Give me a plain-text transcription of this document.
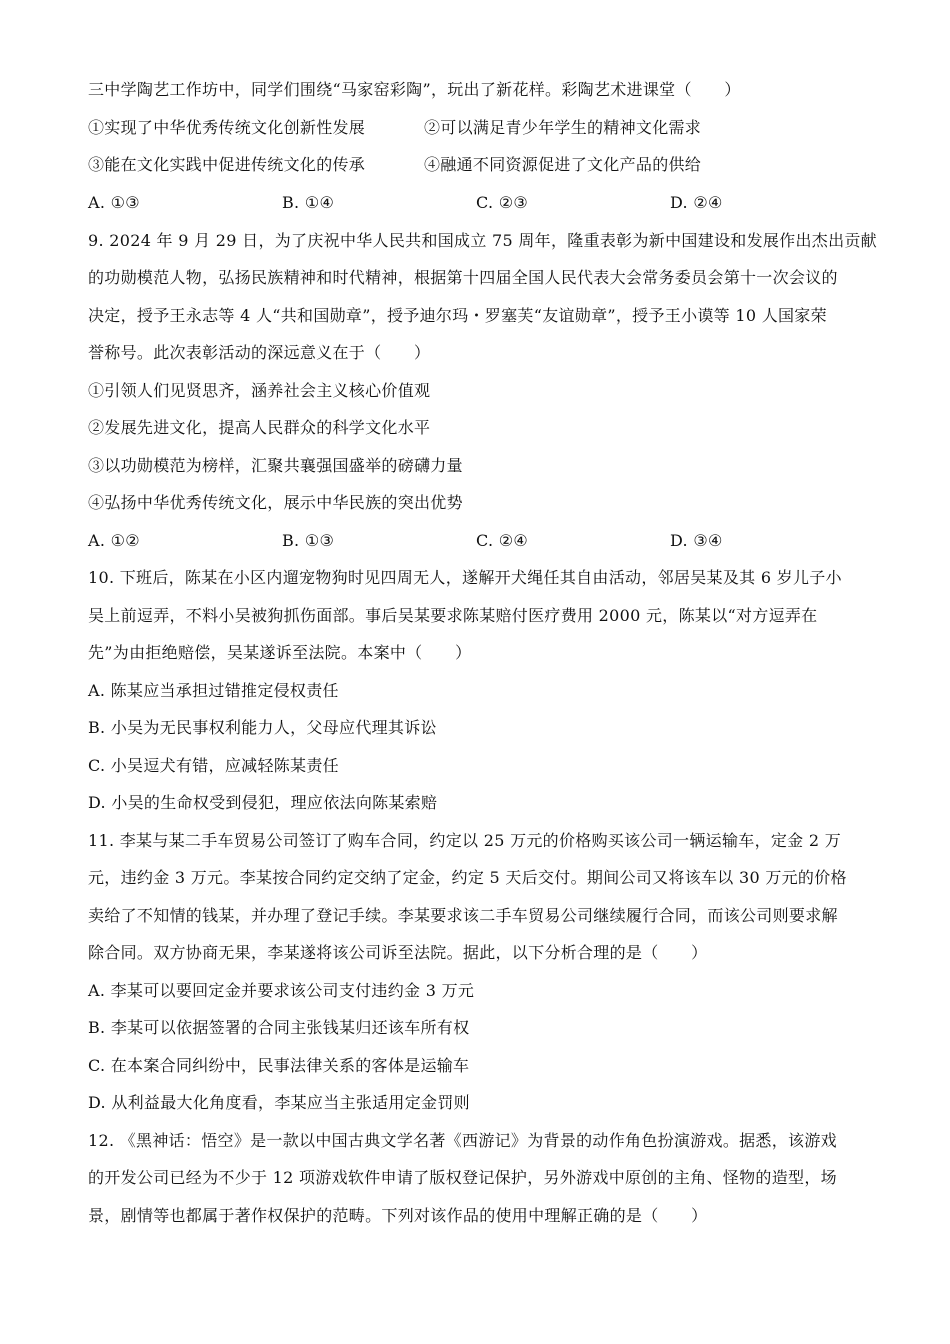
三中学陶艺工作坊中，同学们围绕“马家窑彩陶”，玩出了新花样。彩陶艺术进课堂（　　）
①实现了中华优秀传统文化创新性发展	②可以满足青少年学生的精神文化需求
③能在文化实践中促进传统文化的传承	④融通不同资源促进了文化产品的供给
A. ①③	B. ①④	C. ②③	D. ②④
9. 2024 年 9 月 29 日，为了庆祝中华人民共和国成立 75 周年，隆重表彰为新中国建设和发展作出杰出贡献
的功勋模范人物，弘扬民族精神和时代精神，根据第十四届全国人民代表大会常务委员会第十一次会议的
决定，授予王永志等 4 人“共和国勋章”，授予迪尔玛・罗塞芙“友谊勋章”，授予王小谟等 10 人国家荣
誉称号。此次表彰活动的深远意义在于（　　）
①引领人们见贤思齐，涵养社会主义核心价值观
②发展先进文化，提高人民群众的科学文化水平
③以功勋模范为榜样，汇聚共襄强国盛举的磅礴力量
④弘扬中华优秀传统文化，展示中华民族的突出优势
A. ①②	B. ①③	C. ②④	D. ③④
10. 下班后，陈某在小区内遛宠物狗时见四周无人，遂解开犬绳任其自由活动，邻居吴某及其 6 岁儿子小
吴上前逗弄，不料小吴被狗抓伤面部。事后吴某要求陈某赔付医疗费用 2000 元，陈某以“对方逗弄在
先”为由拒绝赔偿，吴某遂诉至法院。本案中（　　）
A. 陈某应当承担过错推定侵权责任
B. 小吴为无民事权利能力人，父母应代理其诉讼
C. 小吴逗犬有错，应减轻陈某责任
D. 小吴的生命权受到侵犯，理应依法向陈某索赔
11. 李某与某二手车贸易公司签订了购车合同，约定以 25 万元的价格购买该公司一辆运输车，定金 2 万
元，违约金 3 万元。李某按合同约定交纳了定金，约定 5 天后交付。期间公司又将该车以 30 万元的价格
卖给了不知情的钱某，并办理了登记手续。李某要求该二手车贸易公司继续履行合同，而该公司则要求解
除合同。双方协商无果，李某遂将该公司诉至法院。据此，以下分析合理的是（　　）
A. 李某可以要回定金并要求该公司支付违约金 3 万元
B. 李某可以依据签署的合同主张钱某归还该车所有权
C. 在本案合同纠纷中，民事法律关系的客体是运输车
D. 从利益最大化角度看，李某应当主张适用定金罚则
12. 《黑神话：悟空》是一款以中国古典文学名著《西游记》为背景的动作角色扮演游戏。据悉，该游戏
的开发公司已经为不少于 12 项游戏软件申请了版权登记保护，另外游戏中原创的主角、怪物的造型，场
景，剧情等也都属于著作权保护的范畴。下列对该作品的使用中理解正确的是（　　）
